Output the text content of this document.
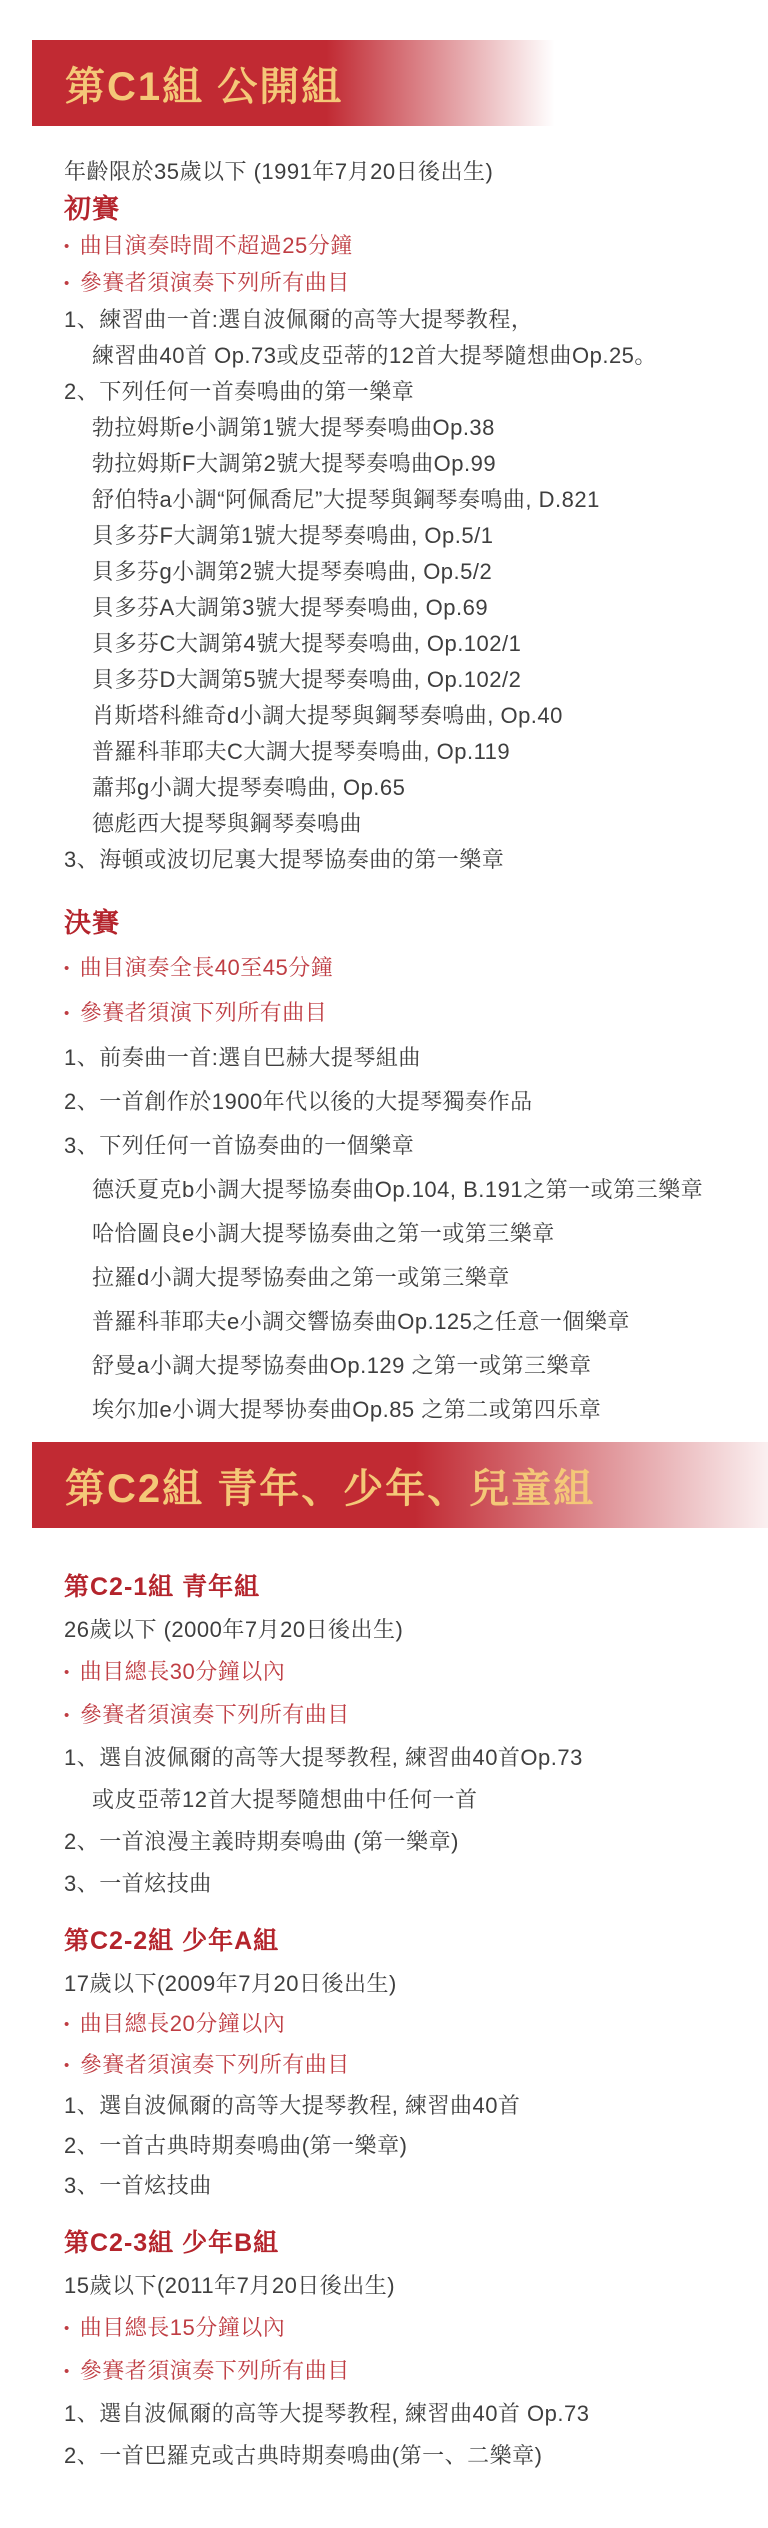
第C1組 公開組
年齡限於35歲以下 (1991年7月20日後出生)
初賽
• 曲目演奏時間不超過25分鐘
• 參賽者須演奏下列所有曲目
1、練習曲一首:選自波佩爾的高等大提琴教程，
練習曲40首 Op.73或皮亞蒂的12首大提琴隨想曲Op.25。
2、下列任何一首奏鳴曲的第一樂章
勃拉姆斯e小調第1號大提琴奏鳴曲Op.38
勃拉姆斯F大調第2號大提琴奏鳴曲Op.99
舒伯特a小調“阿佩喬尼”大提琴與鋼琴奏鳴曲, D.821
貝多芬F大調第1號大提琴奏鳴曲, Op.5/1
貝多芬g小調第2號大提琴奏鳴曲, Op.5/2
貝多芬A大調第3號大提琴奏鳴曲, Op.69
貝多芬C大調第4號大提琴奏鳴曲, Op.102/1
貝多芬D大調第5號大提琴奏鳴曲, Op.102/2
肖斯塔科維奇d小調大提琴與鋼琴奏鳴曲, Op.40
普羅科菲耶夫C大調大提琴奏鳴曲, Op.119
蕭邦g小調大提琴奏鳴曲, Op.65
德彪西大提琴與鋼琴奏鳴曲
3、海頓或波切尼裏大提琴協奏曲的第一樂章
決賽
• 曲目演奏全長40至45分鐘
• 參賽者須演下列所有曲目
1、前奏曲一首:選自巴赫大提琴組曲
2、一首創作於1900年代以後的大提琴獨奏作品
3、下列任何一首協奏曲的一個樂章
德沃夏克b小調大提琴協奏曲Op.104, B.191之第一或第三樂章
哈恰圖良e小調大提琴協奏曲之第一或第三樂章
拉羅d小調大提琴協奏曲之第一或第三樂章
普羅科菲耶夫e小調交響協奏曲Op.125之任意一個樂章
舒曼a小調大提琴協奏曲Op.129 之第一或第三樂章
埃尔加e小调大提琴协奏曲Op.85 之第二或第四乐章
第C2組 青年、少年、兒童組
第C2-1組 青年組
26歲以下 (2000年7月20日後出生)
• 曲目總長30分鐘以內
• 參賽者須演奏下列所有曲目
1、選自波佩爾的高等大提琴教程, 練習曲40首Op.73
或皮亞蒂12首大提琴隨想曲中任何一首
2、一首浪漫主義時期奏鳴曲 (第一樂章)
3、一首炫技曲
第C2-2組 少年A組
17歲以下(2009年7月20日後出生)
• 曲目總長20分鐘以內
• 參賽者須演奏下列所有曲目
1、選自波佩爾的高等大提琴教程, 練習曲40首
2、一首古典時期奏鳴曲(第一樂章)
3、一首炫技曲
第C2-3組 少年B組
15歲以下(2011年7月20日後出生)
• 曲目總長15分鐘以內
• 參賽者須演奏下列所有曲目
1、選自波佩爾的高等大提琴教程, 練習曲40首 Op.73
2、一首巴羅克或古典時期奏鳴曲(第一、二樂章)
